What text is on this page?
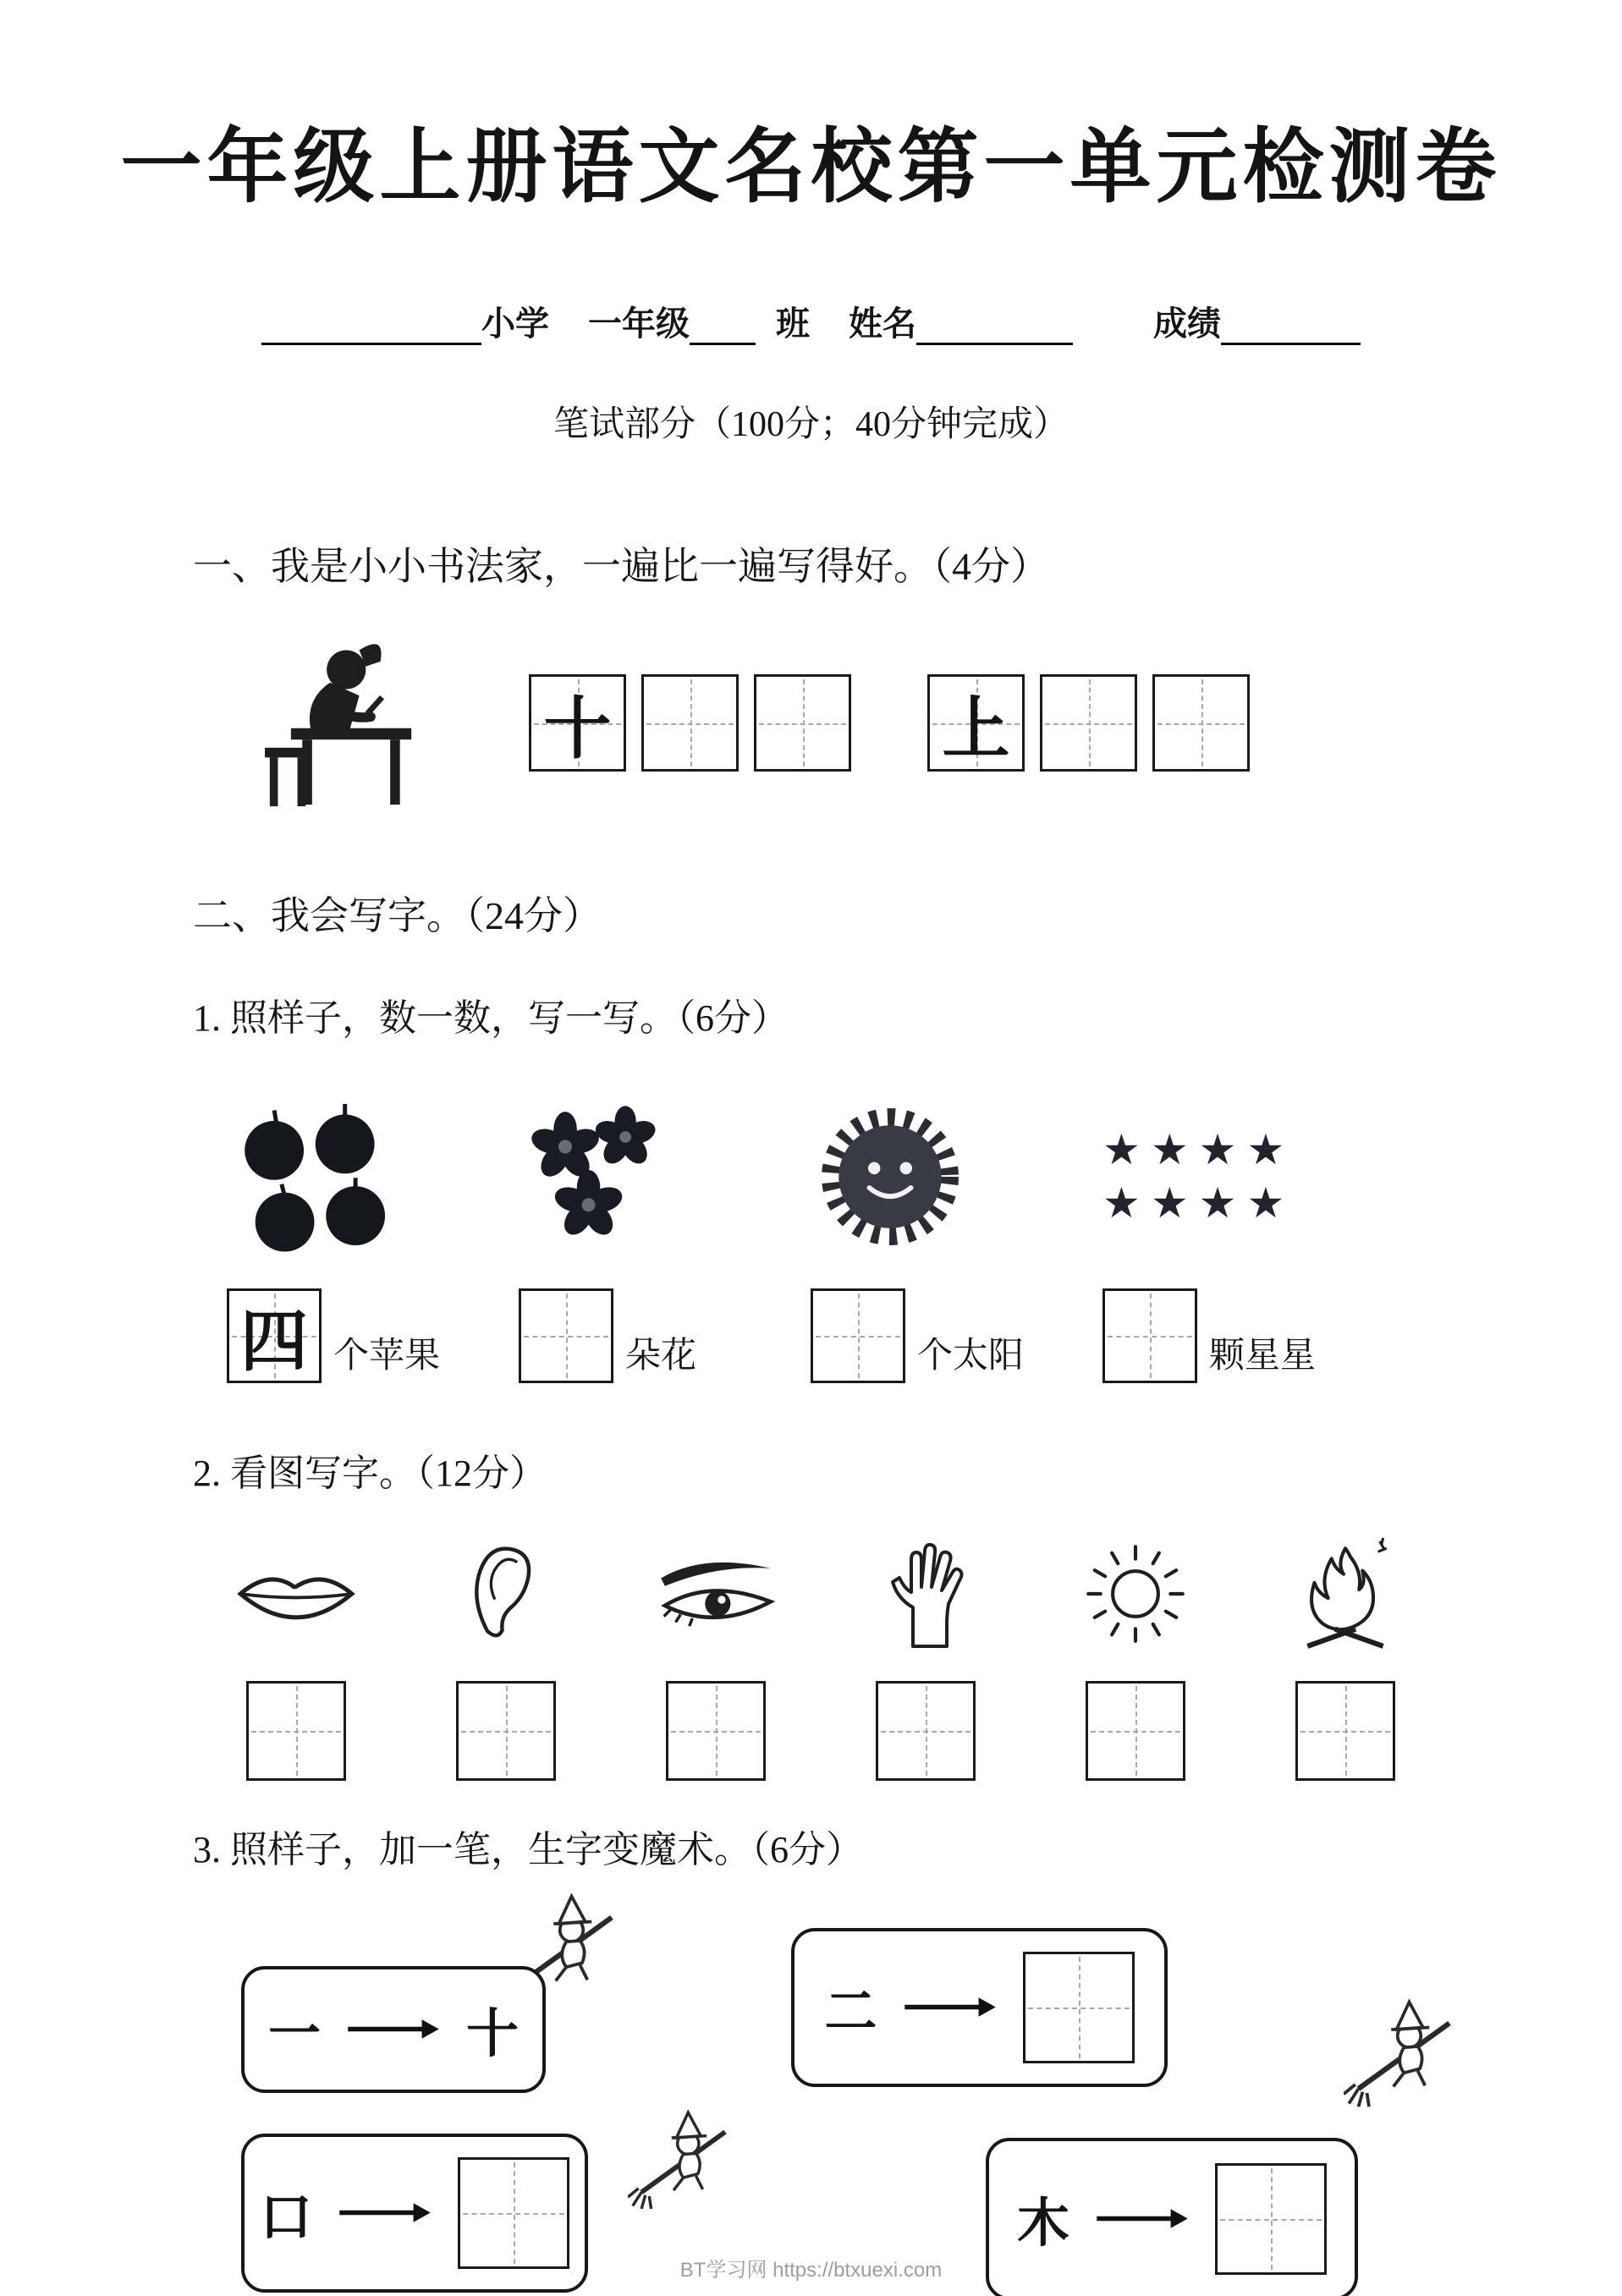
一年级上册语文名校第一单元检测卷
小学 一年级	班 姓名	成绩
笔试部分（100分；40分钟完成）
一、我是小小书法家，一遍比一遍写得好。（4分）
十	上
二、我会写字。（24分）
1. 照样子，数一数，写一写。（6分）
★★★★
★★★★
四 个苹果	朵花	个太阳	颗星星
2. 看图写字。（12分）
3. 照样子，加一笔，生字变魔术。（6分）
一	十	二
口	木
BT学习网 https://btxuexi.com
